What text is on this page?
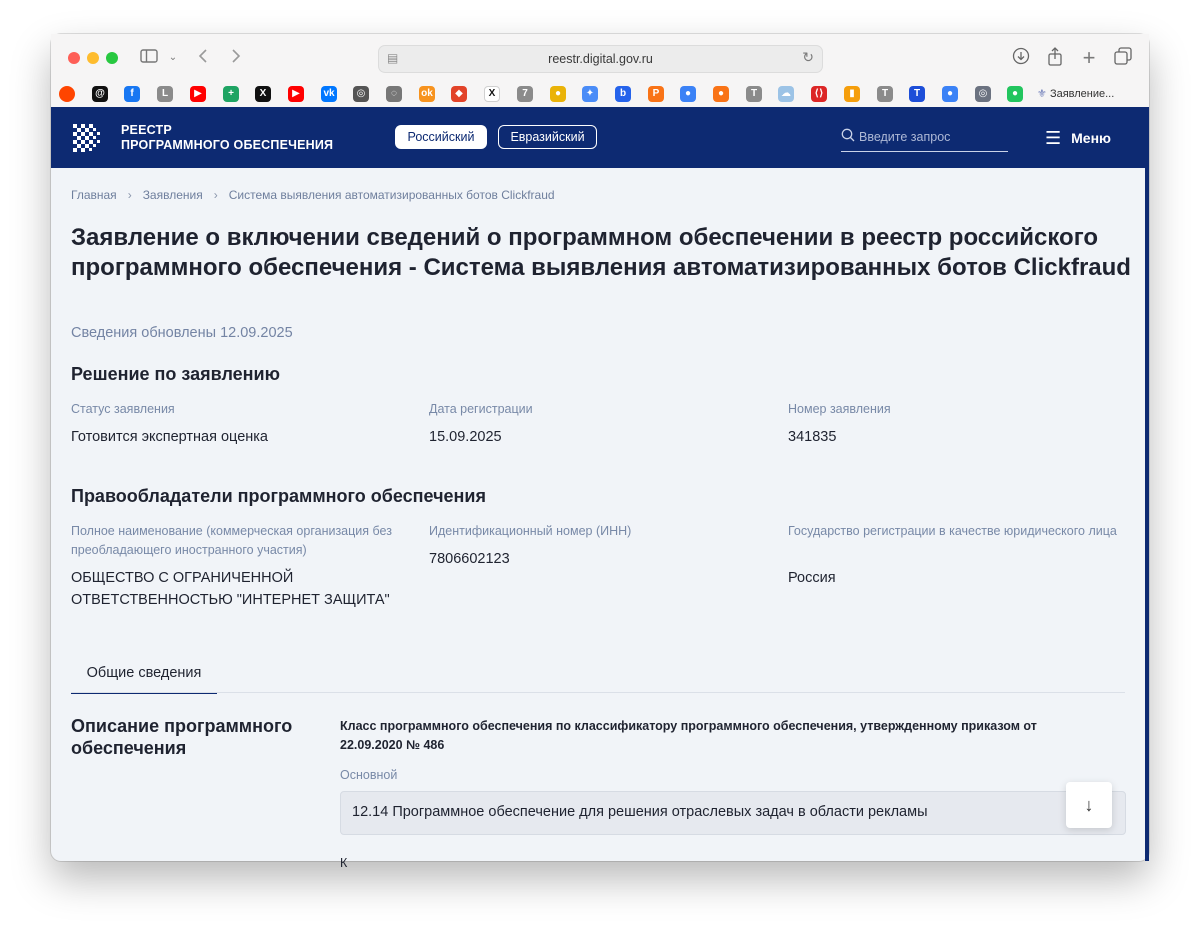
⌄	▤	reestr.digital.gov.ru	↻	+
⚜ Заявление...
@	f	L	▶	+	X	▶	vk	◎	◌	ok	◆	X	7	●	✦	b	P	●	●	T	☁	⟨⟩	▮	T	T	●	◎	●
РЕЕСТР
ПРОГРАММНОГО ОБЕСПЕЧЕНИЯ
Российский	Евразийский	Введите запрос	☰ Меню
Главная › Заявления › Система выявления автоматизированных ботов Clickfraud
Заявление о включении сведений о программном обеспечении в реестр российского программного обеспечения - Система выявления автоматизированных ботов Clickfraud
Сведения обновлены 12.09.2025
Решение по заявлению
Статус заявления
Готовится экспертная оценка
Дата регистрации
15.09.2025
Номер заявления
341835
Правообладатели программного обеспечения
Полное наименование (коммерческая организация без преобладающего иностранного участия)
ОБЩЕСТВО С ОГРАНИЧЕННОЙ ОТВЕТСТВЕННОСТЬЮ "ИНТЕРНЕТ ЗАЩИТА"
Идентификационный номер (ИНН)
7806602123
Государство регистрации в качестве юридического лица
Россия
Общие сведения
Описание программного обеспечения
Класс программного обеспечения по классификатору программного обеспечения, утвержденному приказом от 22.09.2020 № 486
Основной
12.14 Программное обеспечение для решения отраслевых задач в области рекламы
К
↓
